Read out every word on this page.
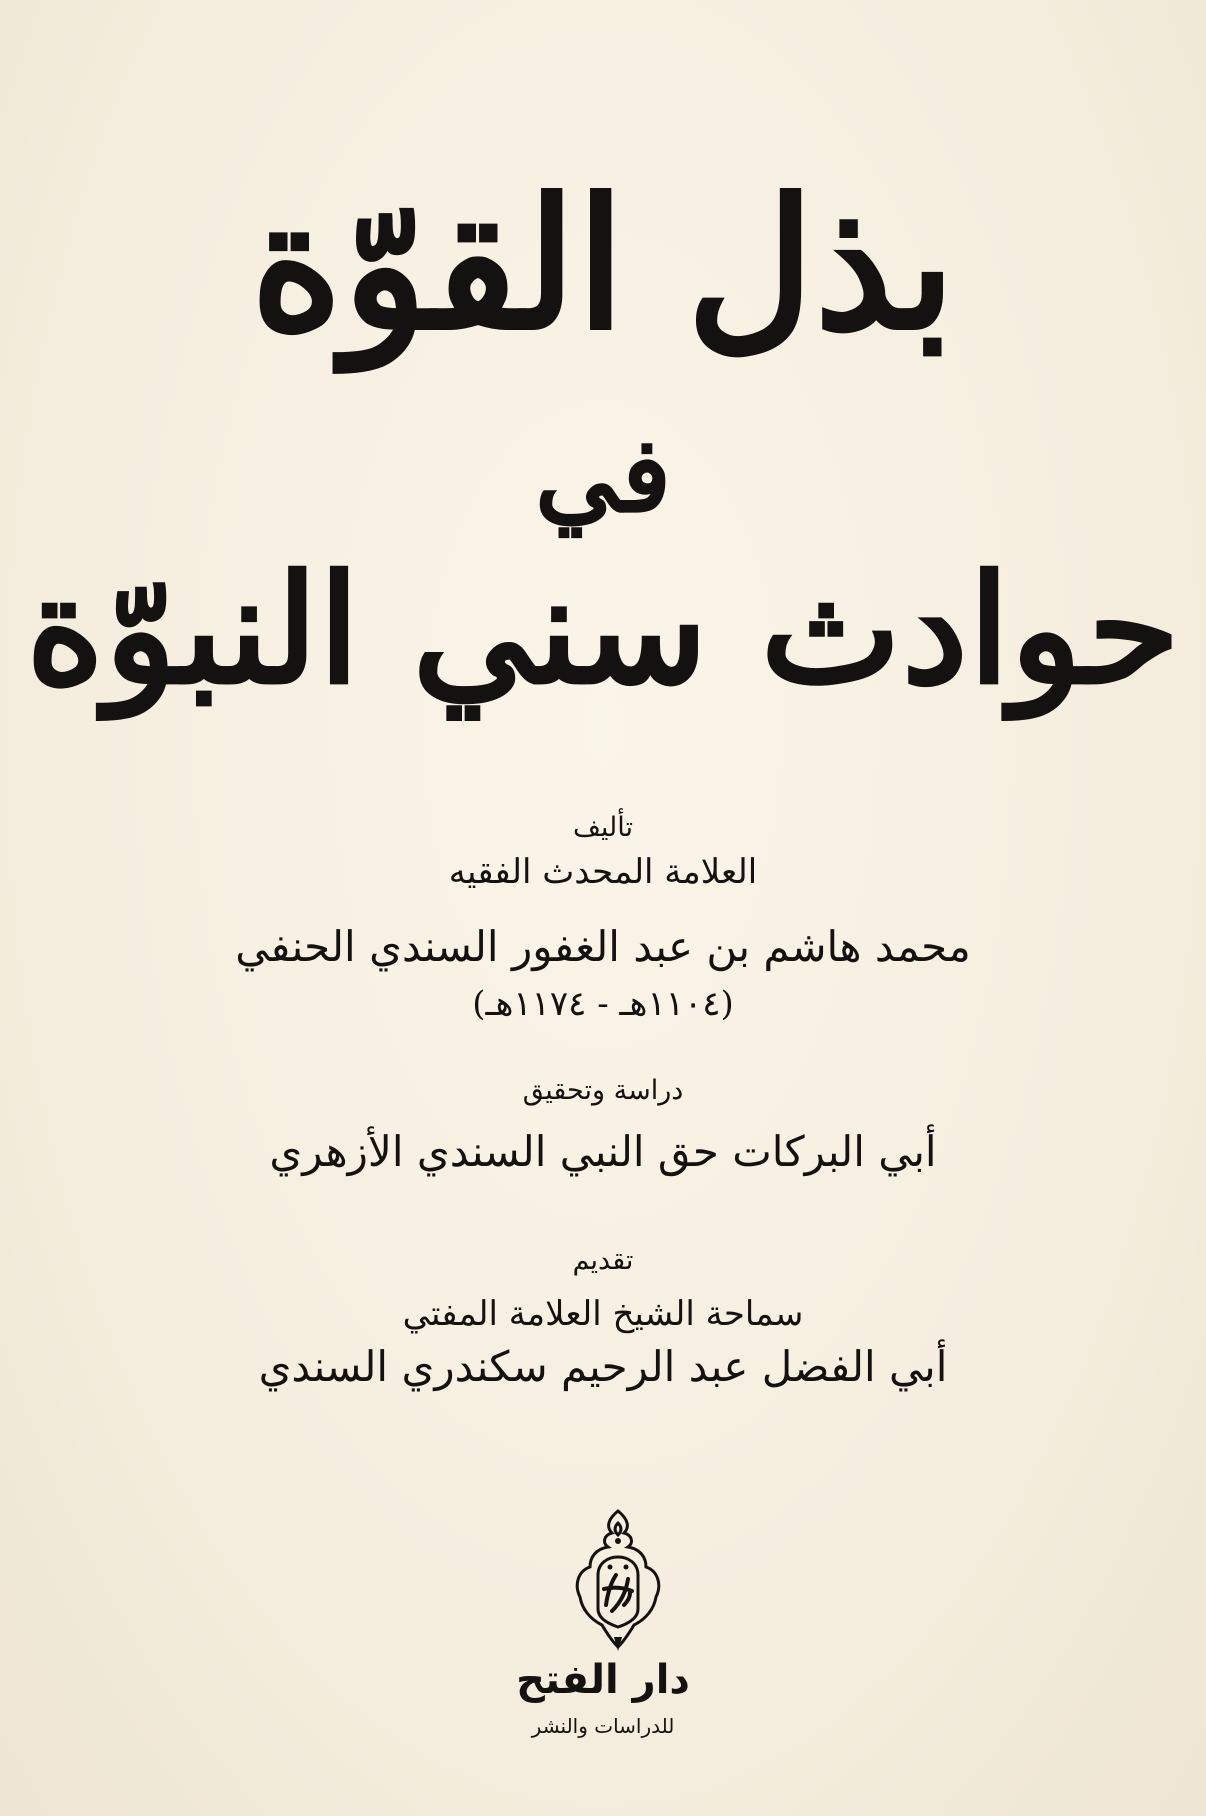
بذل القوّة
في
حوادث سني النبوّة
تأليف
العلامة المحدث الفقيه
محمد هاشم بن عبد الغفور السندي الحنفي
(١١٠٤هـ - ١١٧٤هـ)
دراسة وتحقيق
أبي البركات حق النبي السندي الأزهري
تقديم
سماحة الشيخ العلامة المفتي
أبي الفضل عبد الرحيم سكندري السندي
دار الفتح
للدراسات والنشر
